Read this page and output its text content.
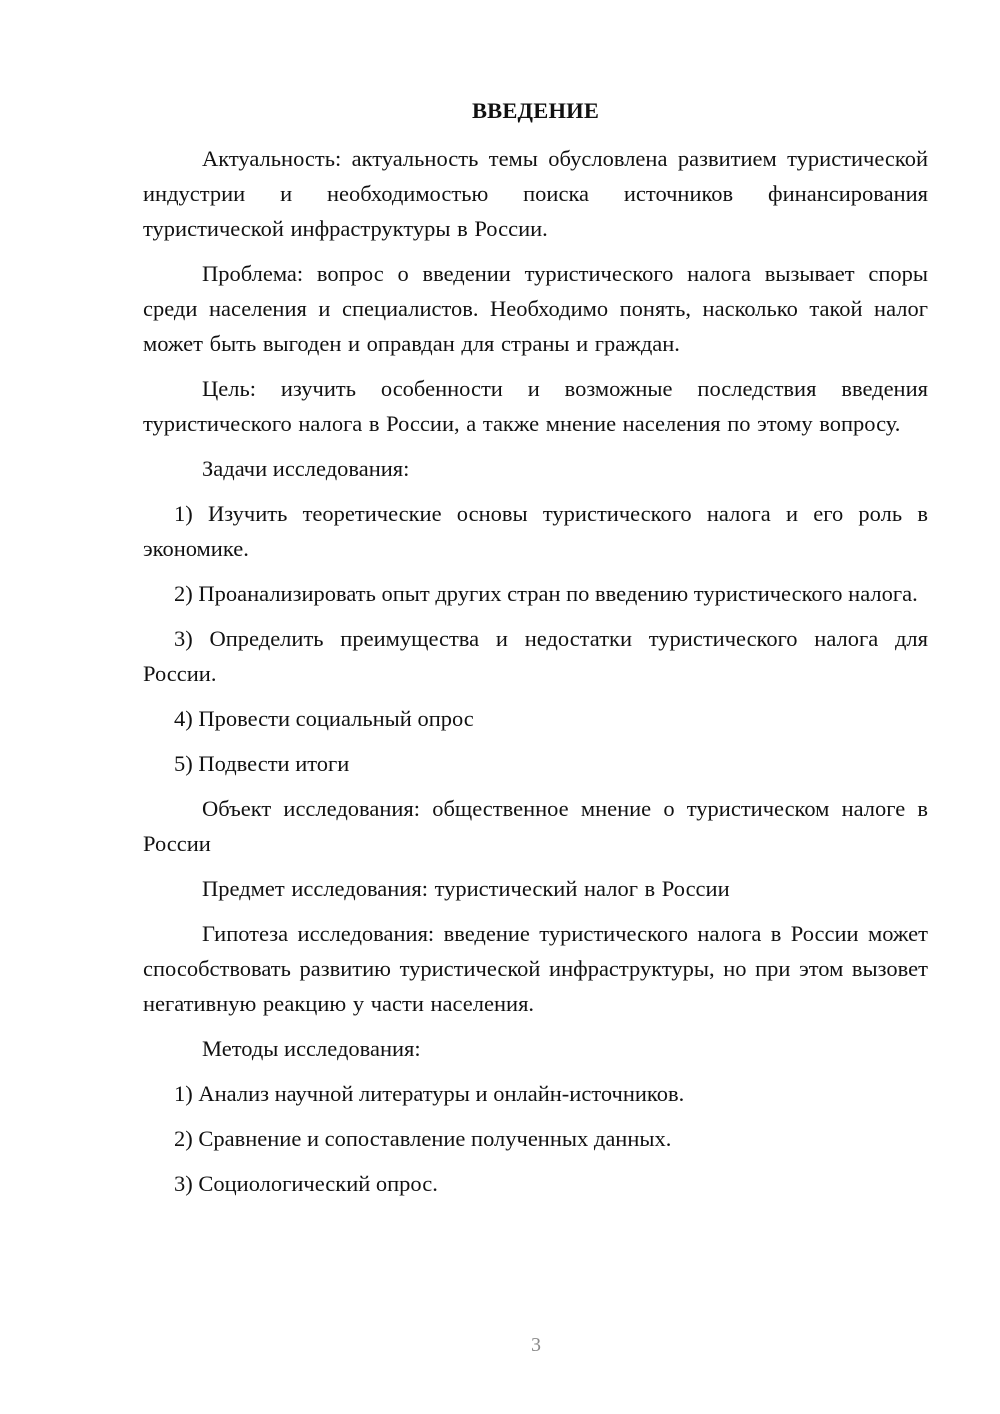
ВВЕДЕНИЕ

Актуальность: актуальность темы обусловлена развитием туристической индустрии и необходимостью поиска источников финансирования туристической инфраструктуры в России.

Проблема: вопрос о введении туристического налога вызывает споры среди населения и специалистов. Необходимо понять, насколько такой налог может быть выгоден и оправдан для страны и граждан.

Цель: изучить особенности и возможные последствия введения туристического налога в России, а также мнение населения по этому вопросу.

Задачи исследования:

1) Изучить теоретические основы туристического налога и его роль в экономике.

2) Проанализировать опыт других стран по введению туристического налога.

3) Определить преимущества и недостатки туристического налога для России.

4) Провести социальный опрос

5) Подвести итоги

Объект исследования: общественное мнение о туристическом налоге в России

Предмет исследования: туристический налог в России

Гипотеза исследования: введение туристического налога в России может способствовать развитию туристической инфраструктуры, но при этом вызовет негативную реакцию у части населения.

Методы исследования:

1) Анализ научной литературы и онлайн-источников.

2) Сравнение и сопоставление полученных данных.

3) Социологический опрос.

3
